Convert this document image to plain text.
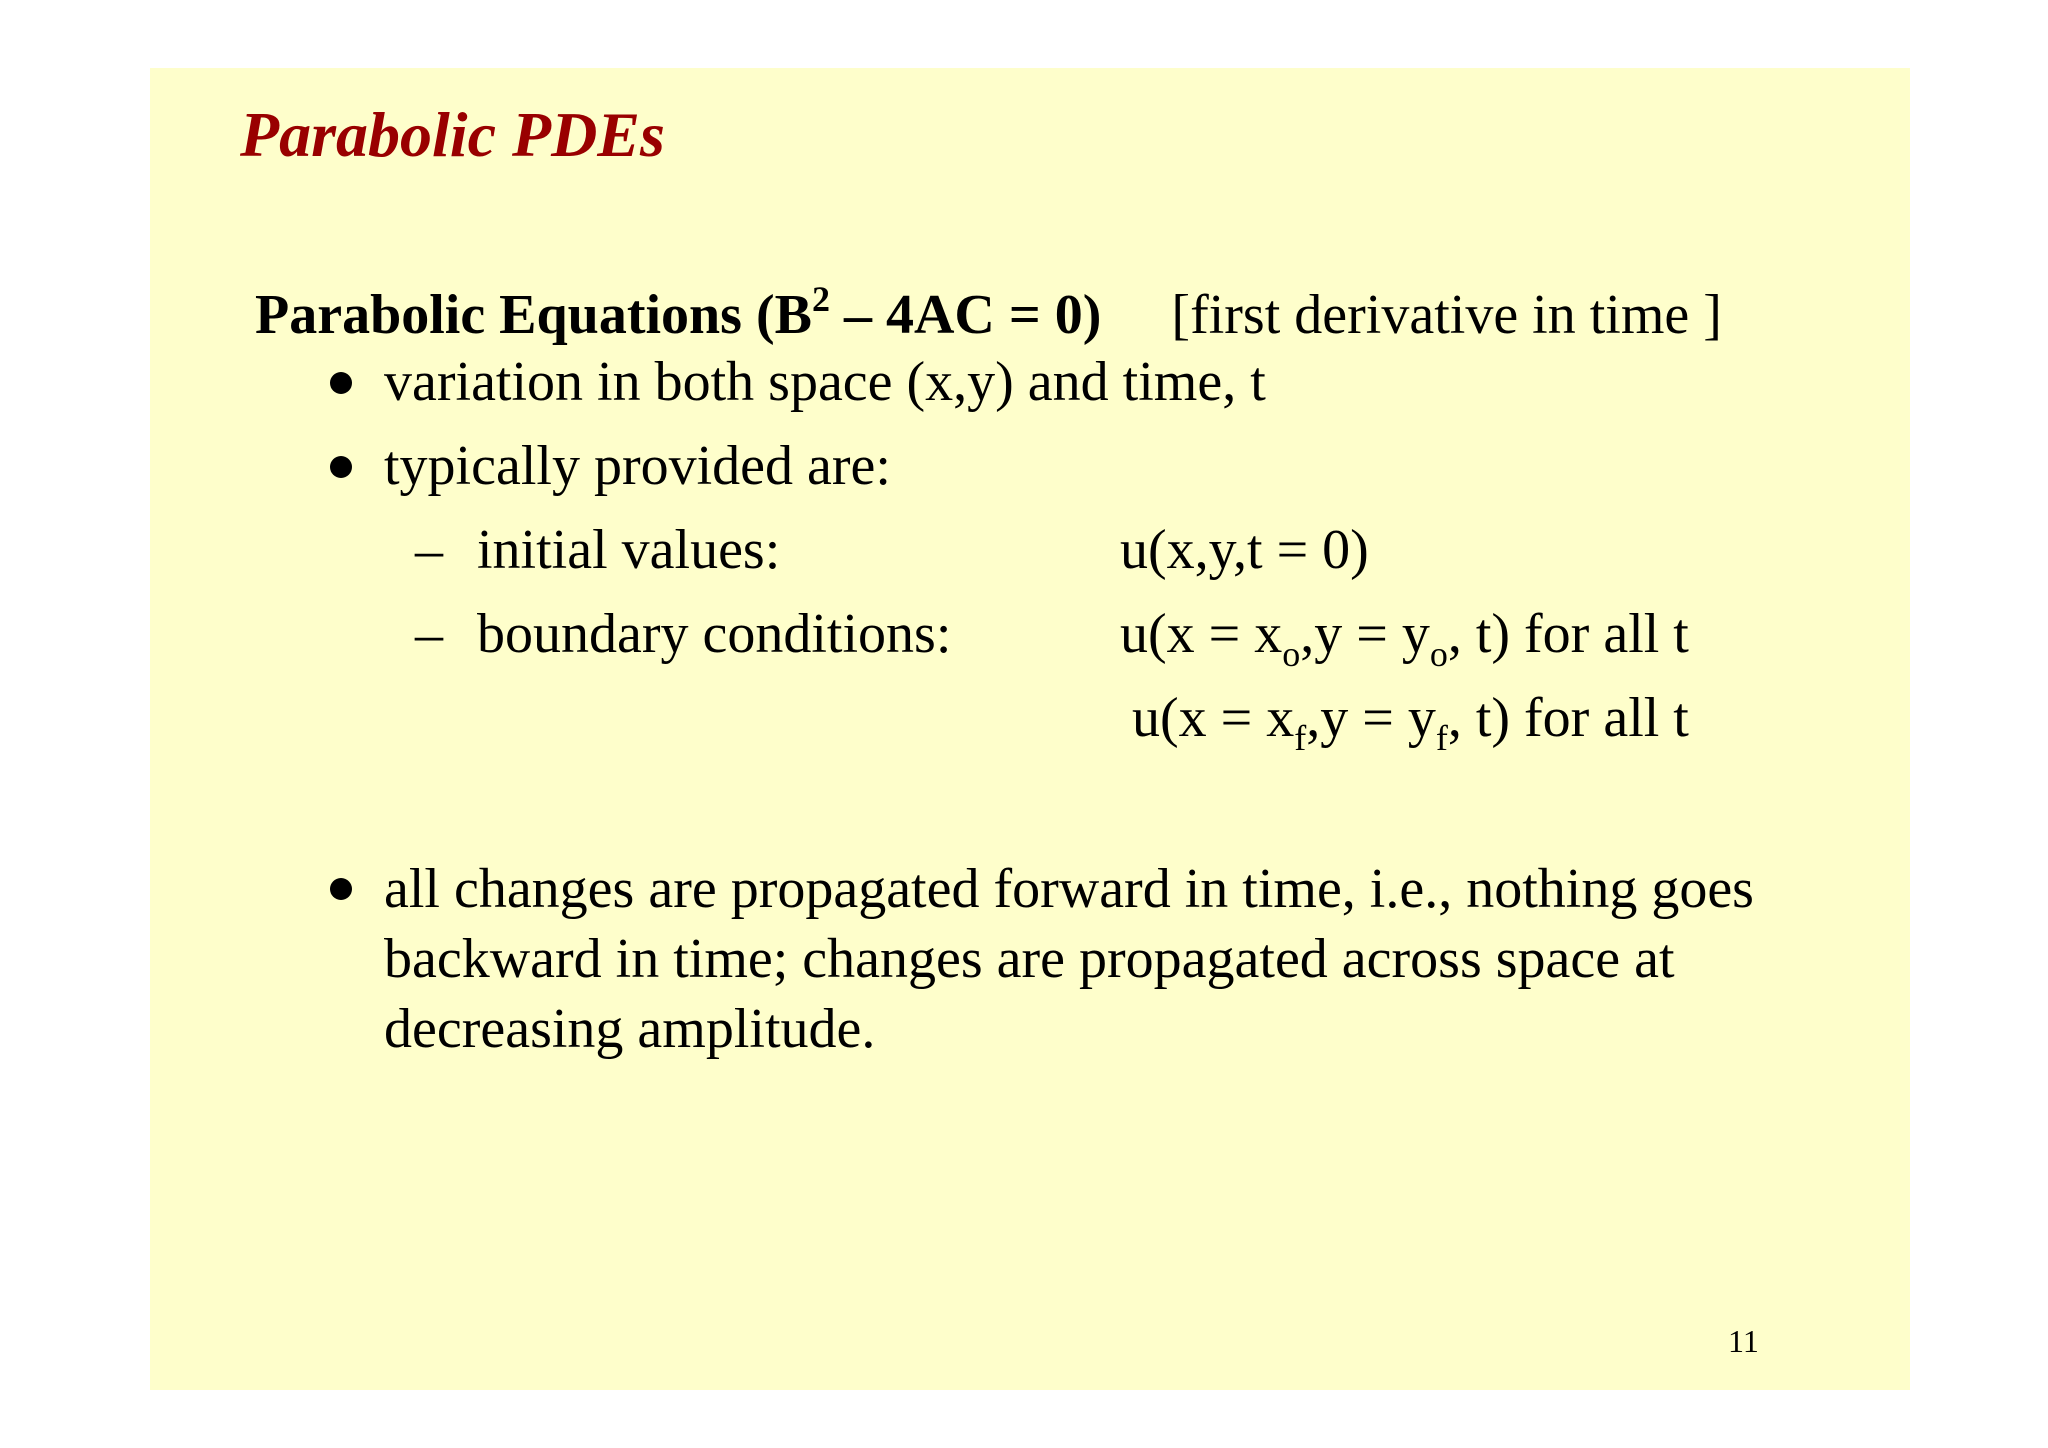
Parabolic PDEs
Parabolic Equations $(B^2 - 4AC = 0)$ [first derivative in time ]
variation in both space (x,y) and time, t
typically provided are:
– initial values:	u(x,y,t = 0)
– boundary conditions:	$u(x = x_o,y = y_o$, t) for all t
$u(x = x_f,y = y_f$, t) for all t
all changes are propagated forward in time, i.e., nothing goes backward in time; changes are propagated across space at decreasing amplitude.
11
